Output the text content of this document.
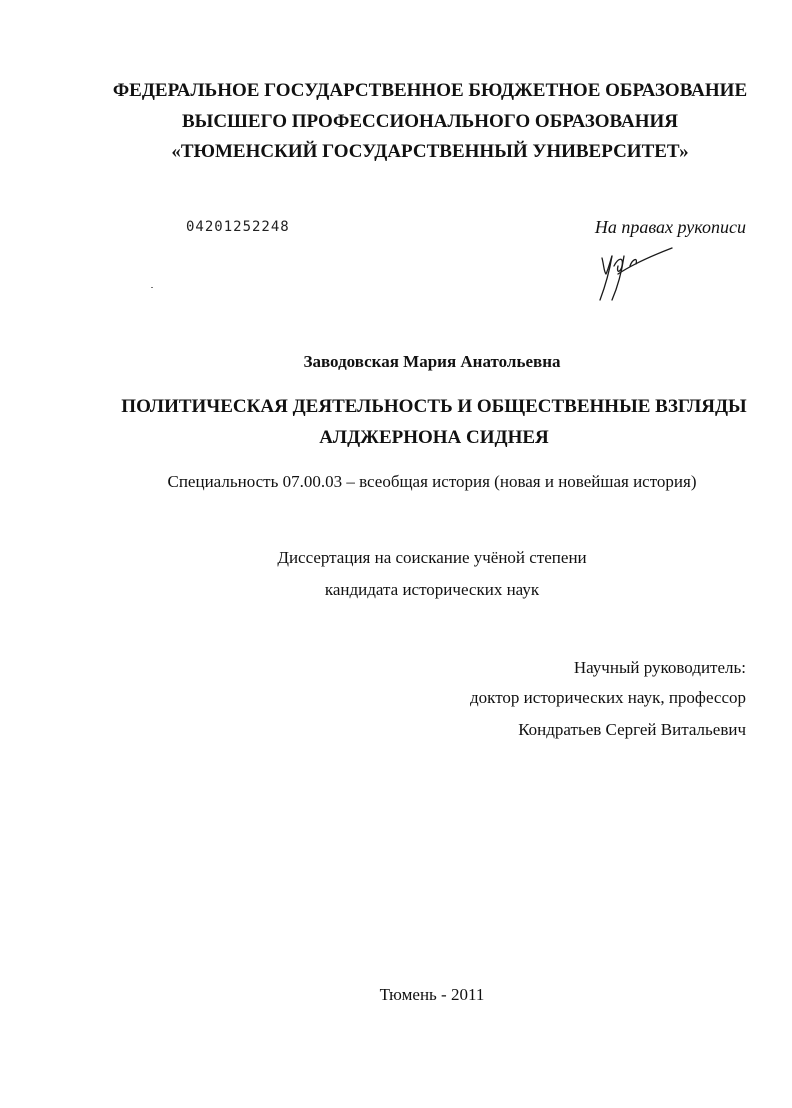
ФЕДЕРАЛЬНОЕ ГОСУДАРСТВЕННОЕ БЮДЖЕТНОЕ ОБРАЗОВАНИЕ
ВЫСШЕГО ПРОФЕССИОНАЛЬНОГО ОБРАЗОВАНИЯ
«ТЮМЕНСКИЙ ГОСУДАРСТВЕННЫЙ УНИВЕРСИТЕТ»
04201252248	На правах рукописи
Заводовская Мария Анатольевна
ПОЛИТИЧЕСКАЯ ДЕЯТЕЛЬНОСТЬ И ОБЩЕСТВЕННЫЕ ВЗГЛЯДЫ
АЛДЖЕРНОНА СИДНЕЯ
Специальность 07.00.03 – всеобщая история (новая и новейшая история)
Диссертация на соискание учёной степени
кандидата исторических наук
Научный руководитель:
доктор исторических наук, профессор
Кондратьев Сергей Витальевич
Тюмень - 2011
